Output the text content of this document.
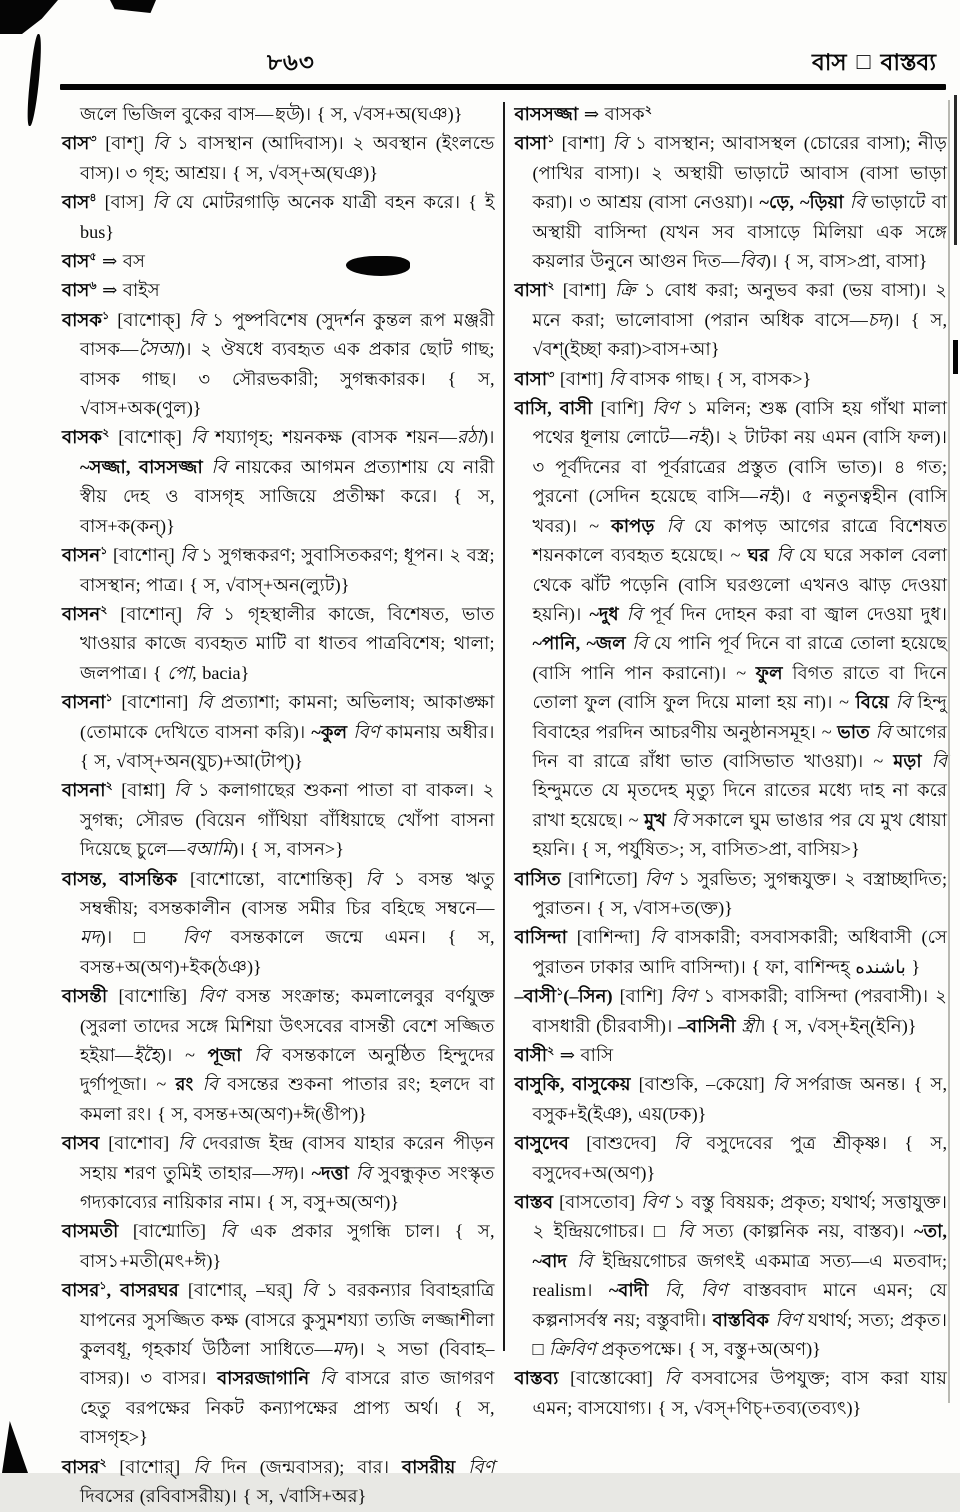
৮৬৩	বাস □ বাস্তব্য

জলে ভিজিল বুকের বাস—ছউ)। { স, √বস+অ(ঘঞ)}

বাস$^৩$ [বাশ্] বি ১ বাসস্থান (আদিবাস)। ২ অবস্থান (ইংলন্ডে বাস)। ৩ গৃহ; আশ্রয়। { স, √বস্+অ(ঘঞ)}

বাস$^৪$ [বাস] বি যে মোটরগাড়ি অনেক যাত্রী বহন করে। { ই bus}

বাস$^৫$ ⇒ বস

বাস$^৬$ ⇒ বাইস

বাসক$^১$ [বাশোক্] বি ১ পুষ্পবিশেষ (সুদর্শন কুন্তল রূপ মঞ্জরী বাসক—সৈআ)। ২ ঔষধে ব্যবহৃত এক প্রকার ছোট গাছ; বাসক গাছ। ৩ সৌরভকারী; সুগন্ধকারক। { স, √বাস+অক(ণুল)}

বাসক$^২$ [বাশোক্] বি শয্যাগৃহ; শয়নকক্ষ (বাসক শয়ন—রঠা)। ~সজ্জা, বাসসজ্জা বি নায়কের আগমন প্রত্যাশায় যে নারী স্বীয় দেহ ও বাসগৃহ সাজিয়ে প্রতীক্ষা করে। { স, বাস+ক(কন্)}

বাসন$^১$ [বাশোন্] বি ১ সুগন্ধকরণ; সুবাসিতকরণ; ধূপন। ২ বস্ত্র; বাসস্থান; পাত্র। { স, √বাস্+অন(ল্যুট)}

বাসন$^২$ [বাশোন্] বি ১ গৃহস্থালীর কাজে, বিশেষত, ভাত খাওয়ার কাজে ব্যবহৃত মাটি বা ধাতব পাত্রবিশেষ; থালা; জলপাত্র। { পো, bacia}

বাসনা$^১$ [বাশোনা] বি প্রত্যাশা; কামনা; অভিলাষ; আকাঙ্ক্ষা (তোমাকে দেখিতে বাসনা করি)। ~কুল বিণ কামনায় অধীর। { স, √বাস্+অন(যুচ)+আ(টাপ্)}

বাসনা$^২$ [বাশ্না] বি ১ কলাগাছের শুকনা পাতা বা বাকল। ২ সুগন্ধ; সৌরভ (বিয়েন গাঁথিয়া বাঁধিয়াছে খোঁপা বাসনা দিয়েছে চুলে—বআমি)। { স, বাসন>}

বাসন্ত, বাসন্তিক [বাশোন্তো, বাশোন্তিক্] বি ১ বসন্ত ঋতু সম্বন্ধীয়; বসন্তকালীন (বাসন্ত সমীর চির বহিছে সম্বনে—মদ)। □ বিণ বসন্তকালে জন্মে এমন। { স, বসন্ত+অ(অণ)+ইক(ঠঞ)}

বাসন্তী [বাশোন্তি] বিণ বসন্ত সংক্রান্ত; কমলালেবুর বর্ণযুক্ত (সুরলা তাদের সঙ্গে মিশিয়া উৎসবের বাসন্তী বেশে সজ্জিত হইয়া—ইহৈ)। ~ পূজা বি বসন্তকালে অনুষ্ঠিত হিন্দুদের দুর্গাপূজা। ~ রং বি বসন্তের শুকনা পাতার রং; হলদে বা কমলা রং। { স, বসন্ত+অ(অণ)+ঈ(ঙীপ)}

বাসব [বাশোব] বি দেবরাজ ইন্দ্র (বাসব যাহার করেন পীড়ন সহায় শরণ তুমিই তাহার—সদ)। ~দত্তা বি সুবন্ধুকৃত সংস্কৃত গদ্যকাব্যের নায়িকার নাম। { স, বসু+অ(অণ)}

বাসমতী [বাশ্মোতি] বি এক প্রকার সুগন্ধি চাল। { স, বাস১+মতী(মৎ+ঈ)}

বাসর$^১$, বাসরঘর [বাশোর্, –ঘর্] বি ১ বরকন্যার বিবাহরাত্রি যাপনের সুসজ্জিত কক্ষ (বাসরে কুসুমশয্যা ত্যজি লজ্জাশীলা কুলবধূ, গৃহকার্য উঠিলা সাধিতে—মদ)। ২ সভা (বিবাহ–বাসর)। ৩ বাসর। বাসরজাগানি বি বাসরে রাত জাগরণ হেতু বরপক্ষের নিকট কন্যাপক্ষের প্রাপ্য অর্থ। { স, বাসগৃহ>}

বাসর$^২$ [বাশোর্] বি দিন (জন্মবাসর); বার। বাসরীয় বিণ দিবসের (রবিবাসরীয়)। { স, √বাসি+অর}

বাসসজ্জা ⇒ বাসক$^২$

বাসা$^১$ [বাশা] বি ১ বাসস্থান; আবাসস্থল (চোরের বাসা); নীড় (পাখির বাসা)। ২ অস্থায়ী ভাড়াটে আবাস (বাসা ভাড়া করা)। ৩ আশ্রয় (বাসা নেওয়া)। ~ড়ে, ~ড়িয়া বি ভাড়াটে বা অস্থায়ী বাসিন্দা (যখন সব বাসাড়ে মিলিয়া এক সঙ্গে কয়লার উনুনে আগুন দিত—বিব)। { স, বাস>প্রা, বাসা}

বাসা$^২$ [বাশা] ক্রি ১ বোধ করা; অনুভব করা (ভয় বাসা)। ২ মনে করা; ভালোবাসা (পরান অধিক বাসে—চদ)। { স, √বশ্(ইচ্ছা করা)>বাস+আ}

বাসা$^৩$ [বাশা] বি বাসক গাছ। { স, বাসক>}

বাসি, বাসী [বাশি] বিণ ১ মলিন; শুষ্ক (বাসি হয় গাঁথা মালা পথের ধূলায় লোটে—নই)। ২ টাটকা নয় এমন (বাসি ফল)। ৩ পূর্বদিনের বা পূর্বরাত্রের প্রস্তুত (বাসি ভাত)। ৪ গত; পুরনো (সেদিন হয়েছে বাসি—নই)। ৫ নতুনত্বহীন (বাসি খবর)। ~ কাপড় বি যে কাপড় আগের রাত্রে বিশেষত শয়নকালে ব্যবহৃত হয়েছে। ~ ঘর বি যে ঘরে সকাল বেলা থেকে ঝাঁট পড়েনি (বাসি ঘরগুলো এখনও ঝাড় দেওয়া হয়নি)। ~দুধ বি পূর্ব দিন দোহন করা বা জ্বাল দেওয়া দুধ। ~পানি, ~জল বি যে পানি পূর্ব দিনে বা রাত্রে তোলা হয়েছে (বাসি পানি পান করানো)। ~ ফুল বিগত রাতে বা দিনে তোলা ফুল (বাসি ফুল দিয়ে মালা হয় না)। ~ বিয়ে বি হিন্দু বিবাহের পরদিন আচরণীয় অনুষ্ঠানসমূহ। ~ ভাত বি আগের দিন বা রাত্রে রাঁধা ভাত (বাসিভাত খাওয়া)। ~ মড়া বি হিন্দুমতে যে মৃতদেহ মৃত্যু দিনে রাতের মধ্যে দাহ না করে রাখা হয়েছে। ~ মুখ বি সকালে ঘুম ভাঙার পর যে মুখ ধোয়া হয়নি। { স, পর্যুষিত>; স, বাসিত>প্রা, বাসিয়>}

বাসিত [বাশিতো] বিণ ১ সুরভিত; সুগন্ধযুক্ত। ২ বস্ত্রাচ্ছাদিত; পুরাতন। { স, √বাস+ত(ক্ত)}

বাসিন্দা [বাশিন্দা] বি বাসকারী; বসবাসকারী; অধিবাসী (সে পুরাতন ঢাকার আদি বাসিন্দা)। { ফা, বাশিন্দহ্ باشنده }

–বাসী$^১$(–সিন) [বাশি] বিণ ১ বাসকারী; বাসিন্দা (পরবাসী)। ২ বাসধারী (চীরবাসী)। –বাসিনী স্ত্রী। { স, √বস্+ইন্(ইনি)}

বাসী$^২$ ⇒ বাসি

বাসুকি, বাসুকেয় [বাশুকি, –কেয়ো] বি সর্পরাজ অনন্ত। { স, বসুক+ই(ইঞ), এয়(ঢক)}

বাসুদেব [বাশুদেব] বি বসুদেবের পুত্র শ্রীকৃষ্ণ। { স, বসুদেব+অ(অণ)}

বাস্তব [বাসতোব] বিণ ১ বস্তু বিষয়ক; প্রকৃত; যথার্থ; সত্তাযুক্ত। ২ ইন্দ্রিয়গোচর। □ বি সত্য (কাল্পনিক নয়, বাস্তব)। ~তা, ~বাদ বি ইন্দ্রিয়গোচর জগৎই একমাত্র সত্য—এ মতবাদ; realism। ~বাদী বি, বিণ বাস্তববাদ মানে এমন; যে কল্পনাসর্বস্ব নয়; বস্তুবাদী। বাস্তবিক বিণ যথার্থ; সত্য; প্রকৃত। □ ক্রিবিণ প্রকৃতপক্ষে। { স, বস্তু+অ(অণ)}

বাস্তব্য [বাস্তোব্বো] বি বসবাসের উপযুক্ত; বাস করা যায় এমন; বাসযোগ্য। { স, √বস্+ণিচ্+তব্য(তব্যৎ)}
